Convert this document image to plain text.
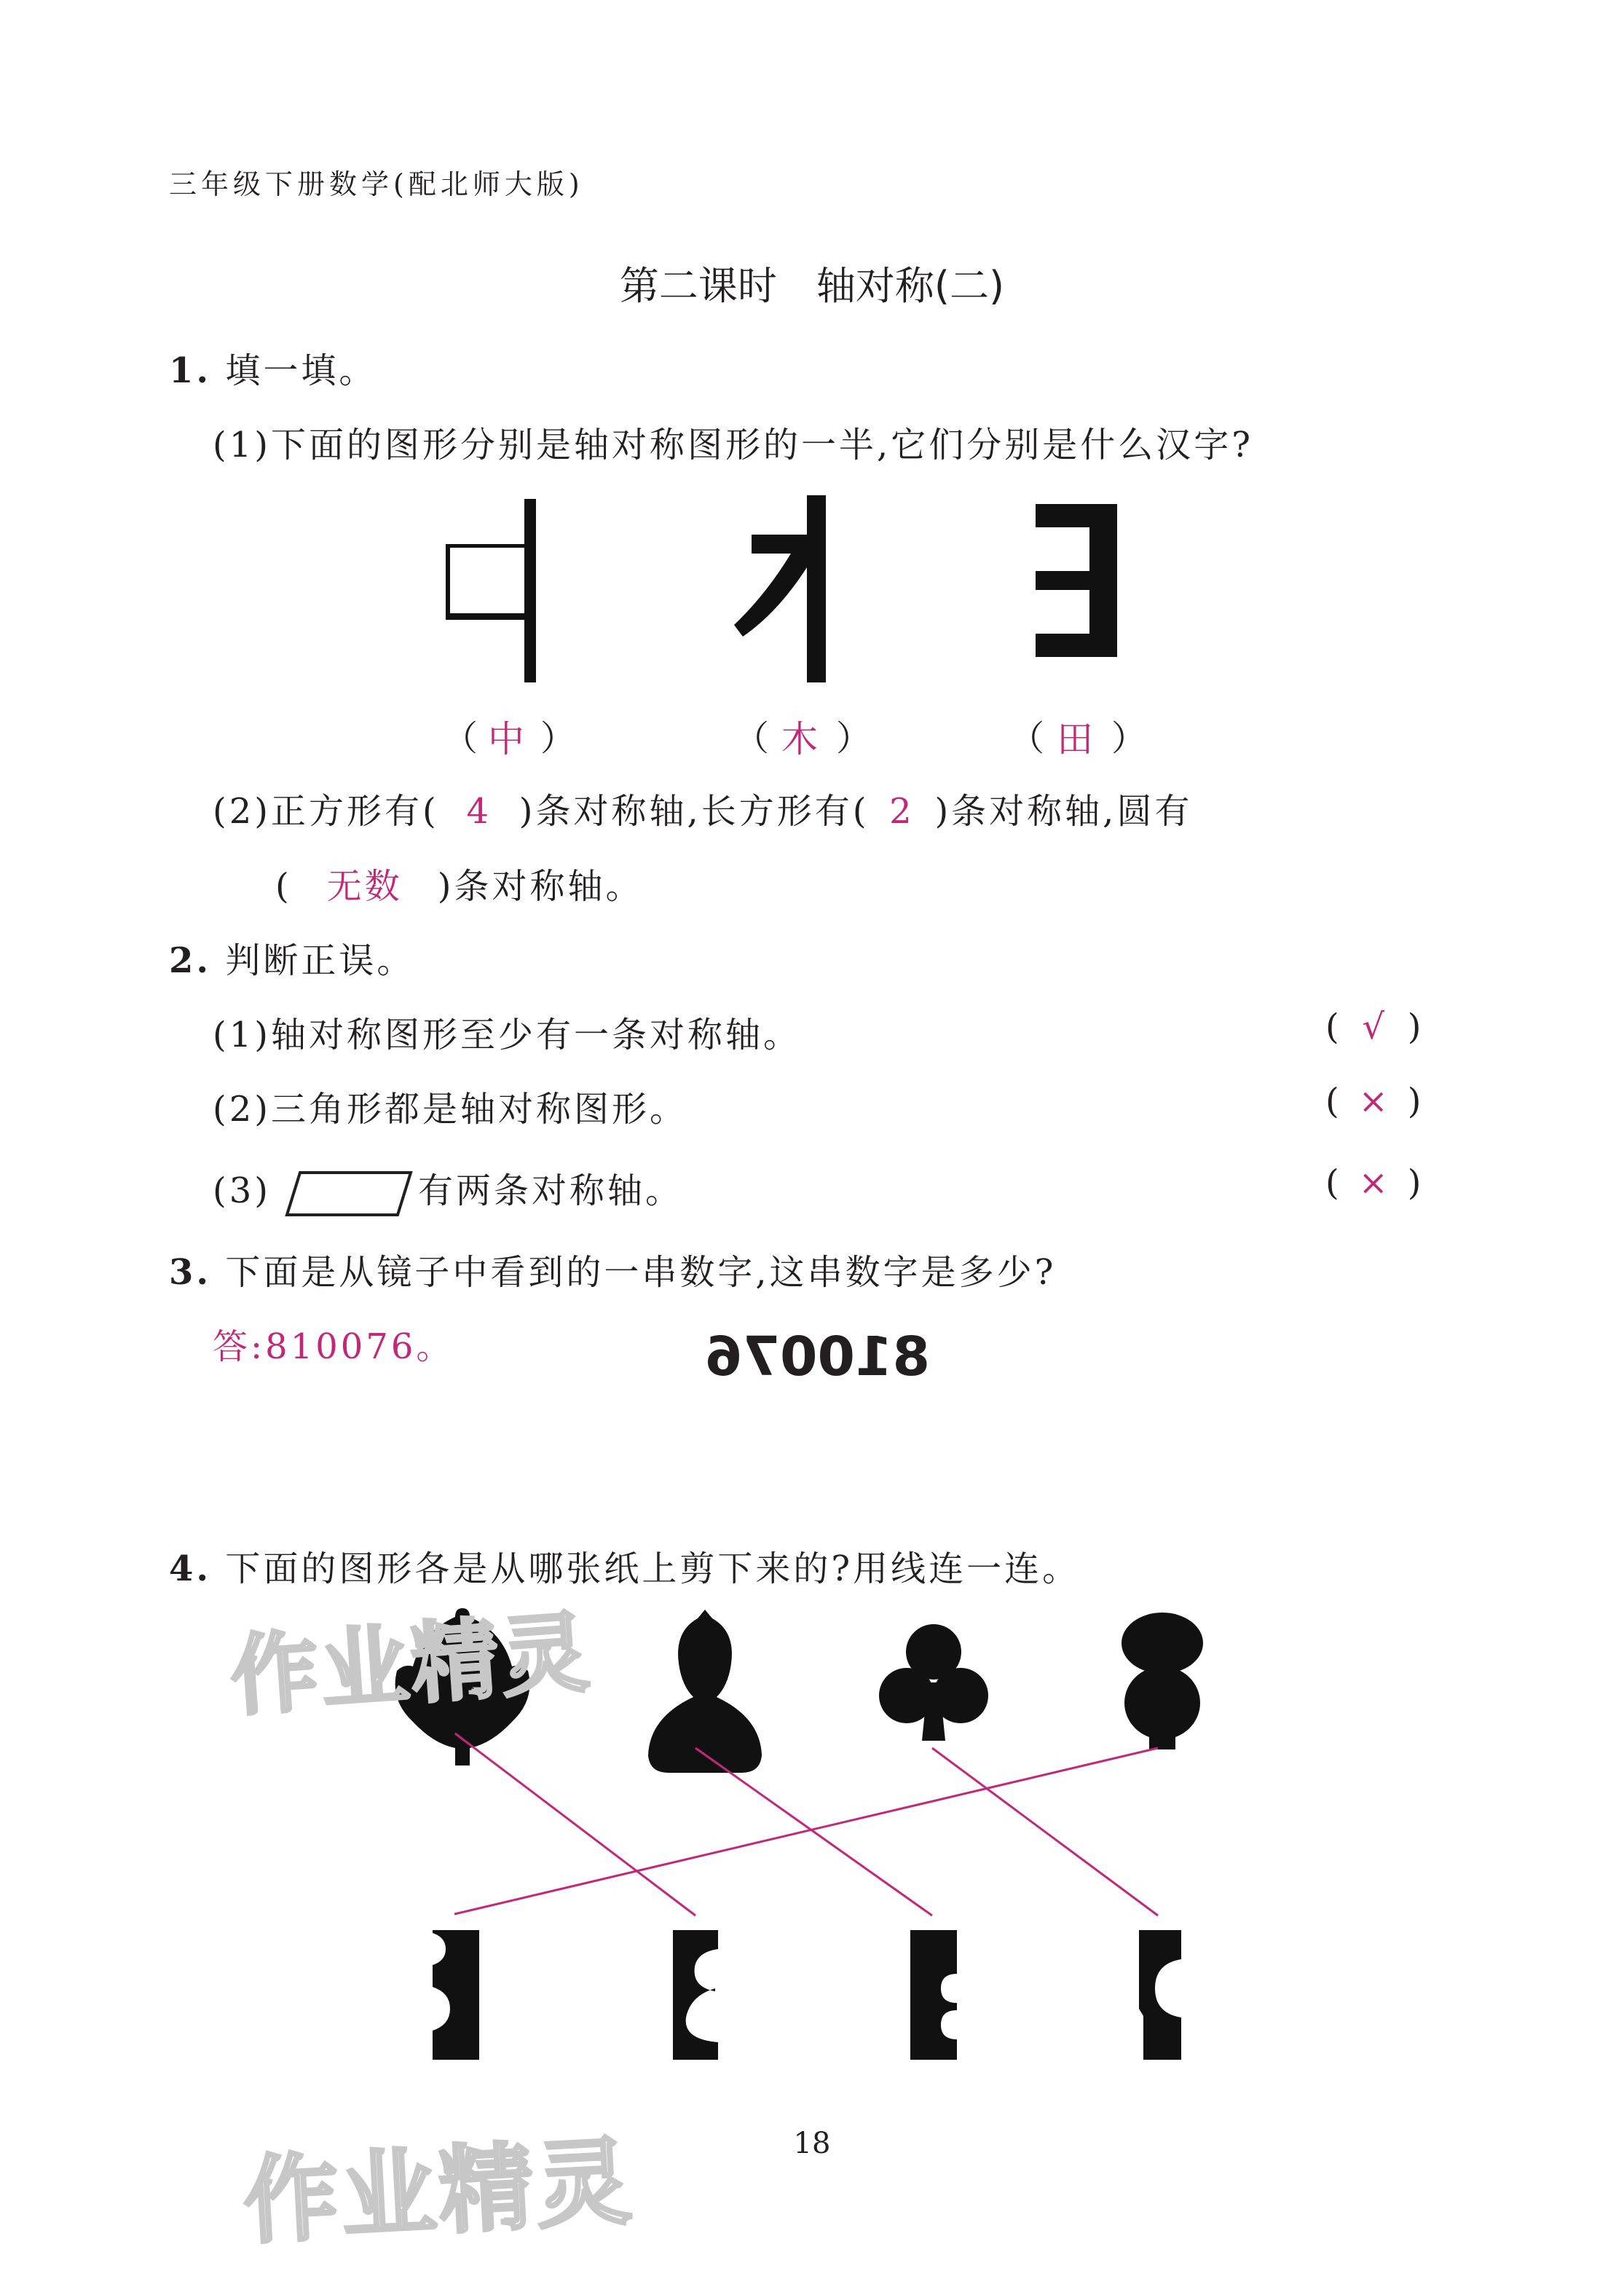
三年级下册数学(配北师大版)
第二课时　轴对称(二)
1. 填一填。
(1)下面的图形分别是轴对称图形的一半,它们分别是什么汉字?
（ 中 ）	（ 木 ）	（ 田 ）
(2)正方形有( 4 )条对称轴,长方形有( 2 )条对称轴,圆有
( 无数 )条对称轴。
2. 判断正误。
(1)轴对称图形至少有一条对称轴。	( √ )
(2)三角形都是轴对称图形。	( × )
(3)	有两条对称轴。	( × )
3. 下面是从镜子中看到的一串数字,这串数字是多少?
答:810076。	810076
4. 下面的图形各是从哪张纸上剪下来的?用线连一连。
作业精灵
作业精灵	18
